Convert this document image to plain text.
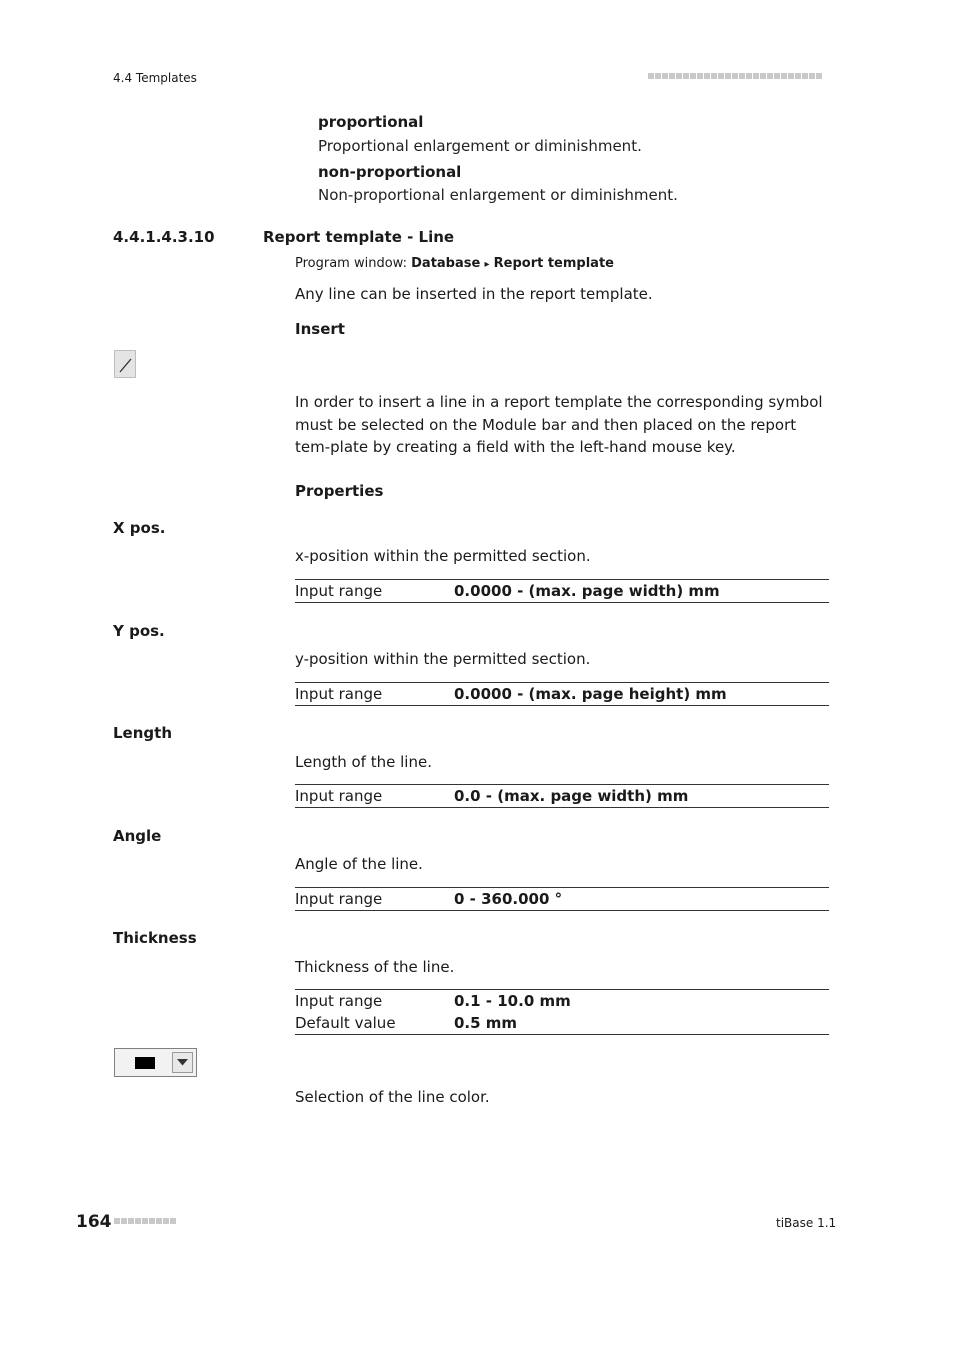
4.4 Templates
proportional
Proportional enlargement or diminishment.
non-proportional
Non-proportional enlargement or diminishment.
4.4.1.4.3.10	Report template - Line
Program window: Database ▸ Report template
Any line can be inserted in the report template.
Insert
In order to insert a line in a report template the corresponding symbol must be selected on the Module bar and then placed on the report tem-plate by creating a field with the left-hand mouse key.
Properties
X pos.
x-position within the permitted section.
Input range	0.0000 - (max. page width) mm
Y pos.
y-position within the permitted section.
Input range	0.0000 - (max. page height) mm
Length
Length of the line.
Input range	0.0 - (max. page width) mm
Angle
Angle of the line.
Input range	0 - 360.000 °
Thickness
Thickness of the line.
Input range	0.1 - 10.0 mm
Default value	0.5 mm
Selection of the line color.
164	tiBase 1.1
